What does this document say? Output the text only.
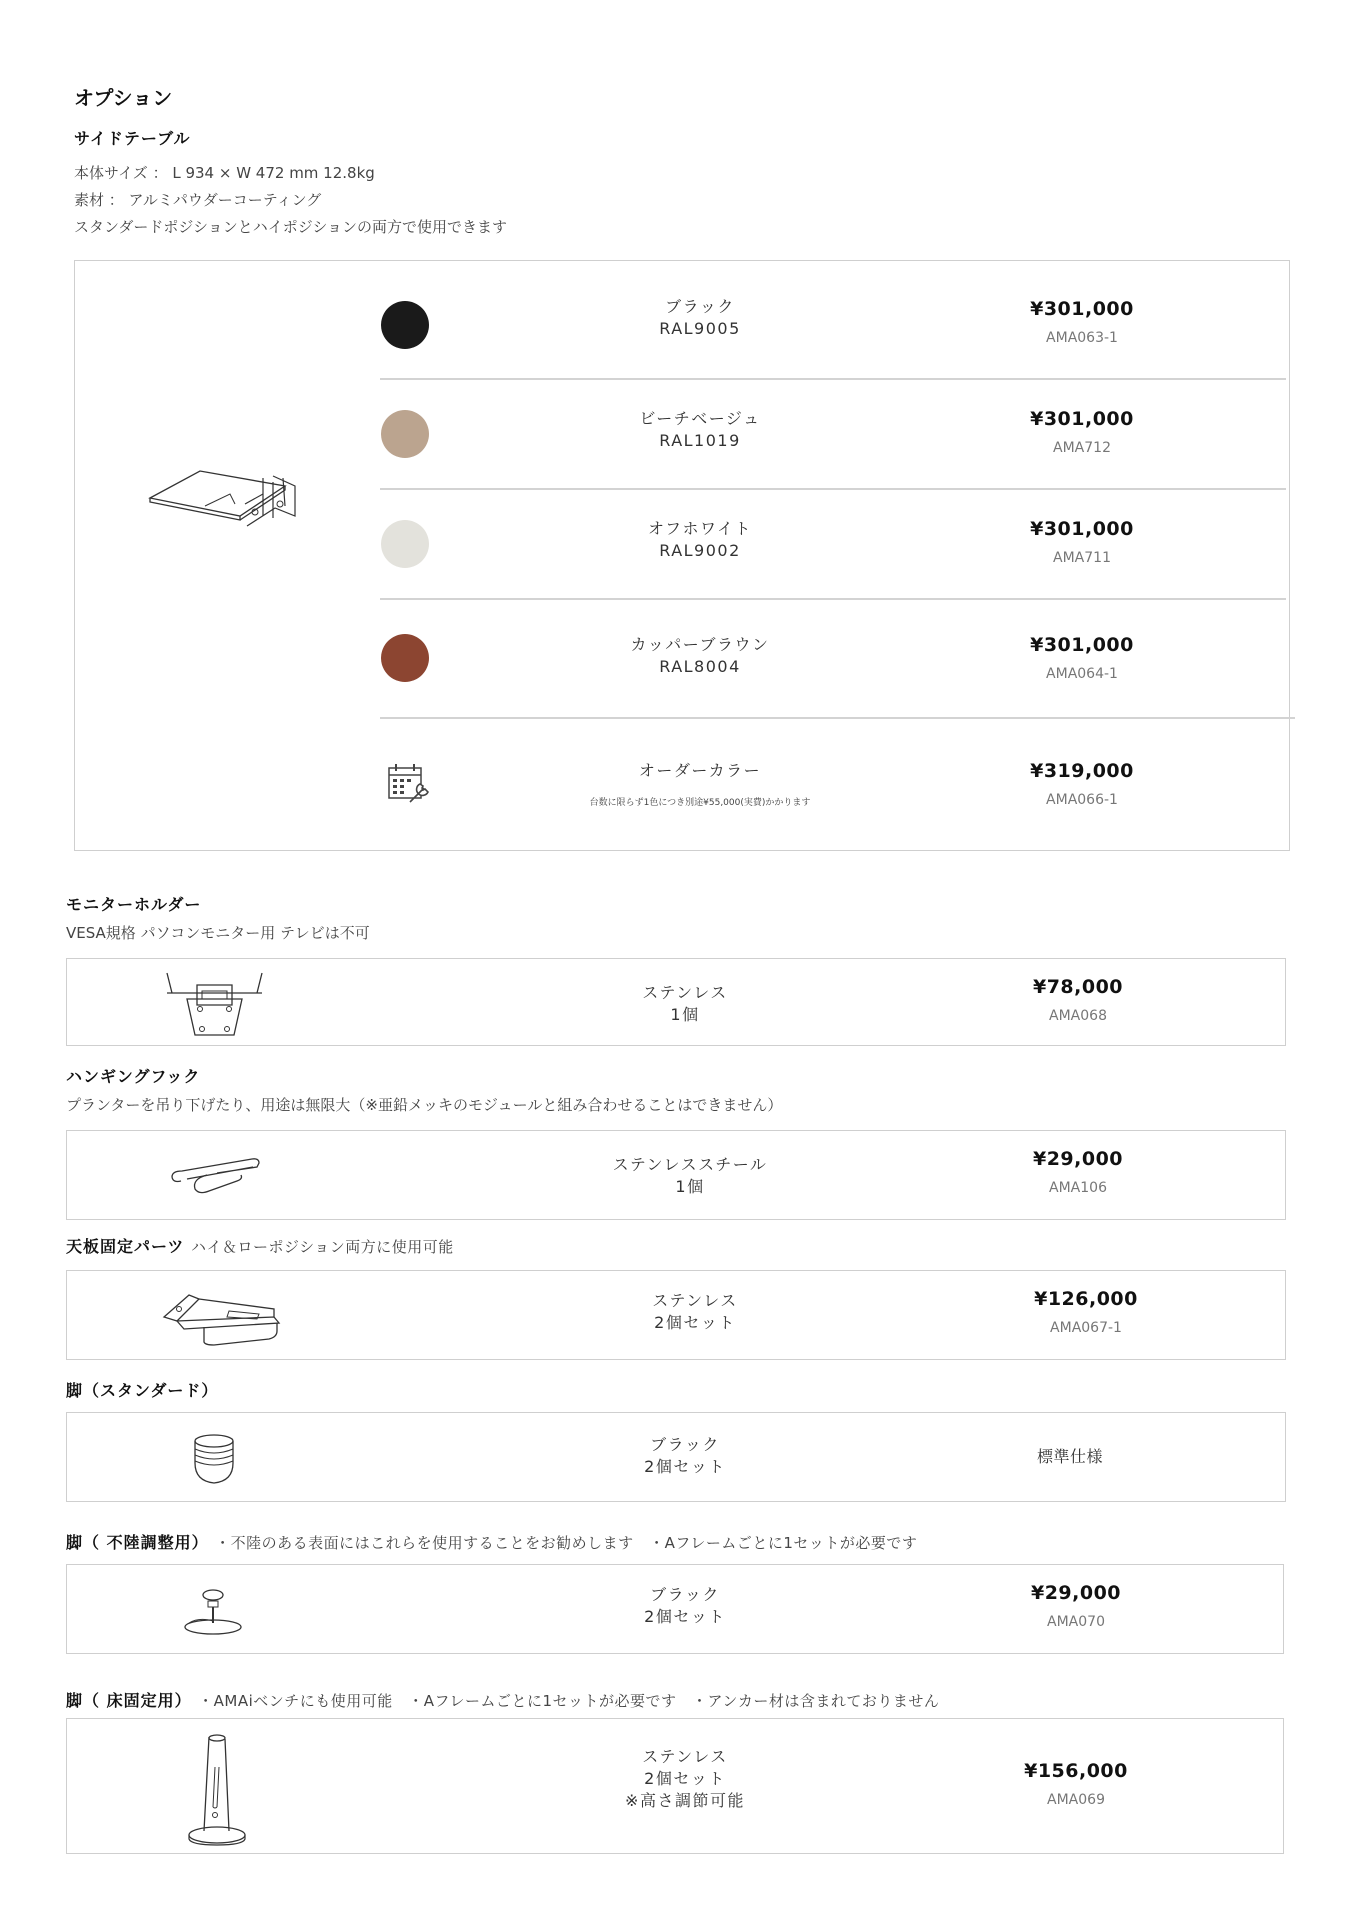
オプション
サイドテーブル
本体サイズ ： L 934 × W 472 mm 12.8kg
素材 ： アルミパウダーコーティング
スタンダードポジションとハイポジションの両方で使用できます
ブラック
RAL9005
¥301,000
AMA063-1
ビーチベージュ
RAL1019
¥301,000
AMA712
オフホワイト
RAL9002
¥301,000
AMA711
カッパーブラウン
RAL8004
¥301,000
AMA064-1
オーダーカラー
台数に限らず1色につき別途¥55,000(実費)かかります
¥319,000
AMA066-1
モニターホルダー
VESA規格 パソコンモニター用 テレビは不可
ステンレス
1個
¥78,000
AMA068
ハンギングフック
プランターを吊り下げたり、用途は無限大（※亜鉛メッキのモジュールと組み合わせることはできません）
ステンレススチール
1個
¥29,000
AMA106
天板固定パーツ ハイ＆ローポジション両方に使用可能
ステンレス
2個セット
¥126,000
AMA067-1
脚（スタンダード）
ブラック
2個セット
標準仕様
脚（ 不陸調整用） ・不陸のある表面にはこれらを使用することをお勧めします　・Aフレームごとに1セットが必要です
ブラック
2個セット
¥29,000
AMA070
脚（ 床固定用） ・AMAiベンチにも使用可能　・Aフレームごとに1セットが必要です　・アンカー材は含まれておりません
ステンレス
2個セット
※高さ調節可能
¥156,000
AMA069
